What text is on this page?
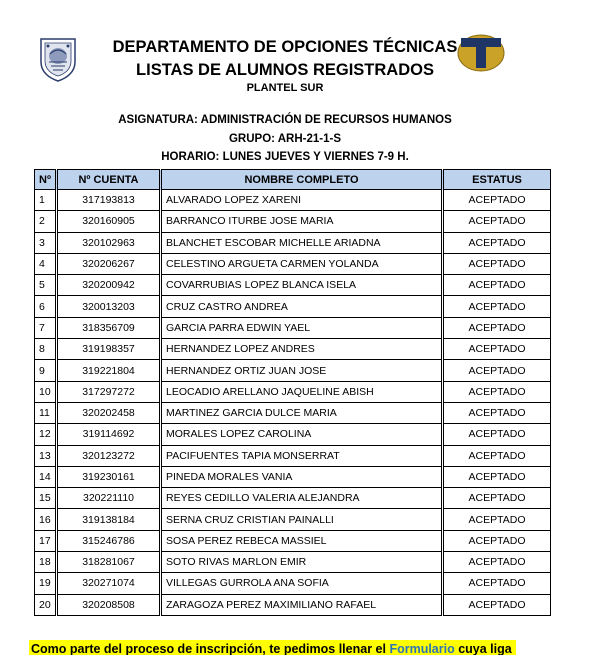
DEPARTAMENTO DE OPCIONES TÉCNICAS
LISTAS DE ALUMNOS REGISTRADOS
PLANTEL SUR
ASIGNATURA: ADMINISTRACIÓN DE RECURSOS HUMANOS
GRUPO: ARH-21-1-S
HORARIO: LUNES JUEVES Y VIERNES 7-9 H.
Nº	Nº CUENTA	NOMBRE COMPLETO	ESTATUS
1	317193813	ALVARADO LOPEZ XARENI	ACEPTADO
2	320160905	BARRANCO ITURBE JOSE MARIA	ACEPTADO
3	320102963	BLANCHET ESCOBAR MICHELLE ARIADNA	ACEPTADO
4	320206267	CELESTINO ARGUETA CARMEN YOLANDA	ACEPTADO
5	320200942	COVARRUBIAS LOPEZ BLANCA ISELA	ACEPTADO
6	320013203	CRUZ CASTRO ANDREA	ACEPTADO
7	318356709	GARCIA PARRA EDWIN YAEL	ACEPTADO
8	319198357	HERNANDEZ LOPEZ ANDRES	ACEPTADO
9	319221804	HERNANDEZ ORTIZ JUAN JOSE	ACEPTADO
10	317297272	LEOCADIO ARELLANO JAQUELINE ABISH	ACEPTADO
11	320202458	MARTINEZ GARCIA DULCE MARIA	ACEPTADO
12	319114692	MORALES LOPEZ CAROLINA	ACEPTADO
13	320123272	PACIFUENTES TAPIA MONSERRAT	ACEPTADO
14	319230161	PINEDA MORALES VANIA	ACEPTADO
15	320221110	REYES CEDILLO VALERIA ALEJANDRA	ACEPTADO
16	319138184	SERNA CRUZ CRISTIAN PAINALLI	ACEPTADO
17	315246786	SOSA PEREZ REBECA MASSIEL	ACEPTADO
18	318281067	SOTO RIVAS MARLON EMIR	ACEPTADO
19	320271074	VILLEGAS GURROLA ANA SOFIA	ACEPTADO
20	320208508	ZARAGOZA PEREZ MAXIMILIANO RAFAEL	ACEPTADO
Como parte del proceso de inscripción, te pedimos llenar el Formulario cuya liga
